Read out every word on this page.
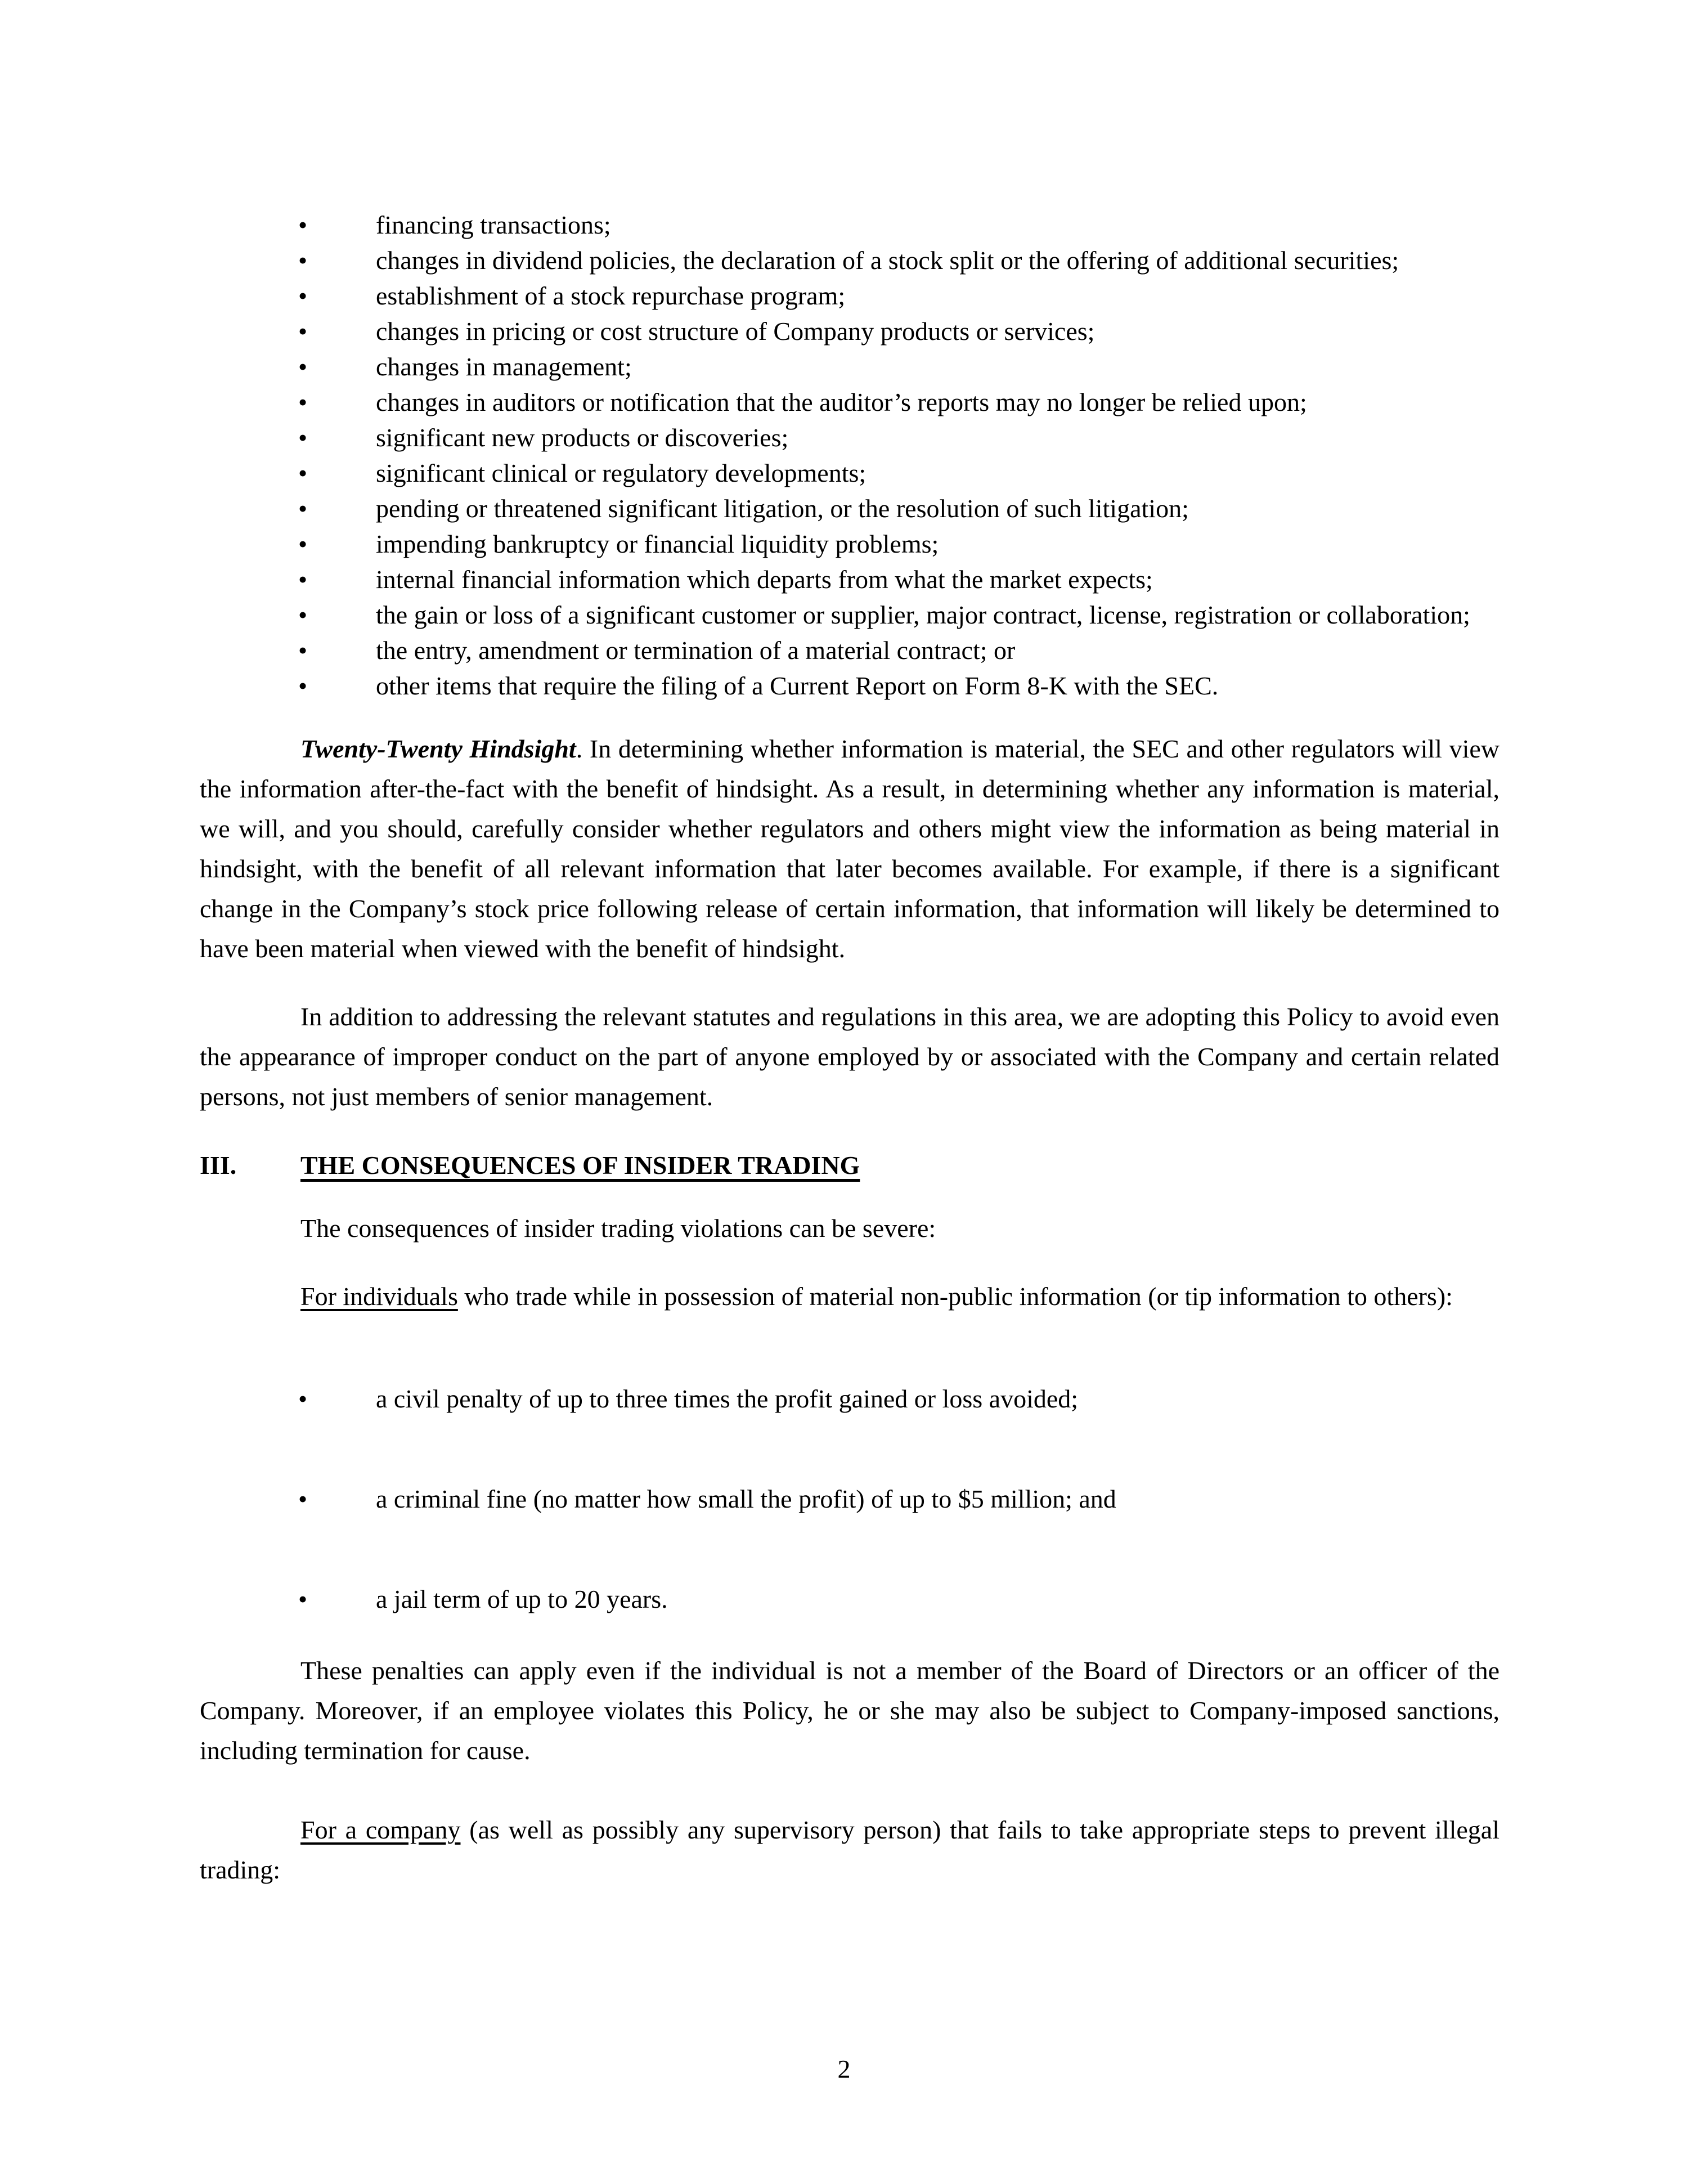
•	financing transactions;
•	changes in dividend policies, the declaration of a stock split or the offering of additional securities;
•	establishment of a stock repurchase program;
•	changes in pricing or cost structure of Company products or services;
•	changes in management;
•	changes in auditors or notification that the auditor’s reports may no longer be relied upon;
•	significant new products or discoveries;
•	significant clinical or regulatory developments;
•	pending or threatened significant litigation, or the resolution of such litigation;
•	impending bankruptcy or financial liquidity problems;
•	internal financial information which departs from what the market expects;
•	the gain or loss of a significant customer or supplier, major contract, license, registration or collaboration;
•	the entry, amendment or termination of a material contract; or
•	other items that require the filing of a Current Report on Form 8-K with the SEC.

Twenty-Twenty Hindsight. In determining whether information is material, the SEC and other regulators will view the information after-the-fact with the benefit of hindsight. As a result, in determining whether any information is material, we will, and you should, carefully consider whether regulators and others might view the information as being material in hindsight, with the benefit of all relevant information that later becomes available. For example, if there is a significant change in the Company’s stock price following release of certain information, that information will likely be determined to have been material when viewed with the benefit of hindsight.

In addition to addressing the relevant statutes and regulations in this area, we are adopting this Policy to avoid even the appearance of improper conduct on the part of anyone employed by or associated with the Company and certain related persons, not just members of senior management.

III. THE CONSEQUENCES OF INSIDER TRADING

The consequences of insider trading violations can be severe:

For individuals who trade while in possession of material non-public information (or tip information to others):

•	a civil penalty of up to three times the profit gained or loss avoided;
•	a criminal fine (no matter how small the profit) of up to $5 million; and
•	a jail term of up to 20 years.

These penalties can apply even if the individual is not a member of the Board of Directors or an officer of the Company. Moreover, if an employee violates this Policy, he or she may also be subject to Company-imposed sanctions, including termination for cause.

For a company (as well as possibly any supervisory person) that fails to take appropriate steps to prevent illegal trading:

2
